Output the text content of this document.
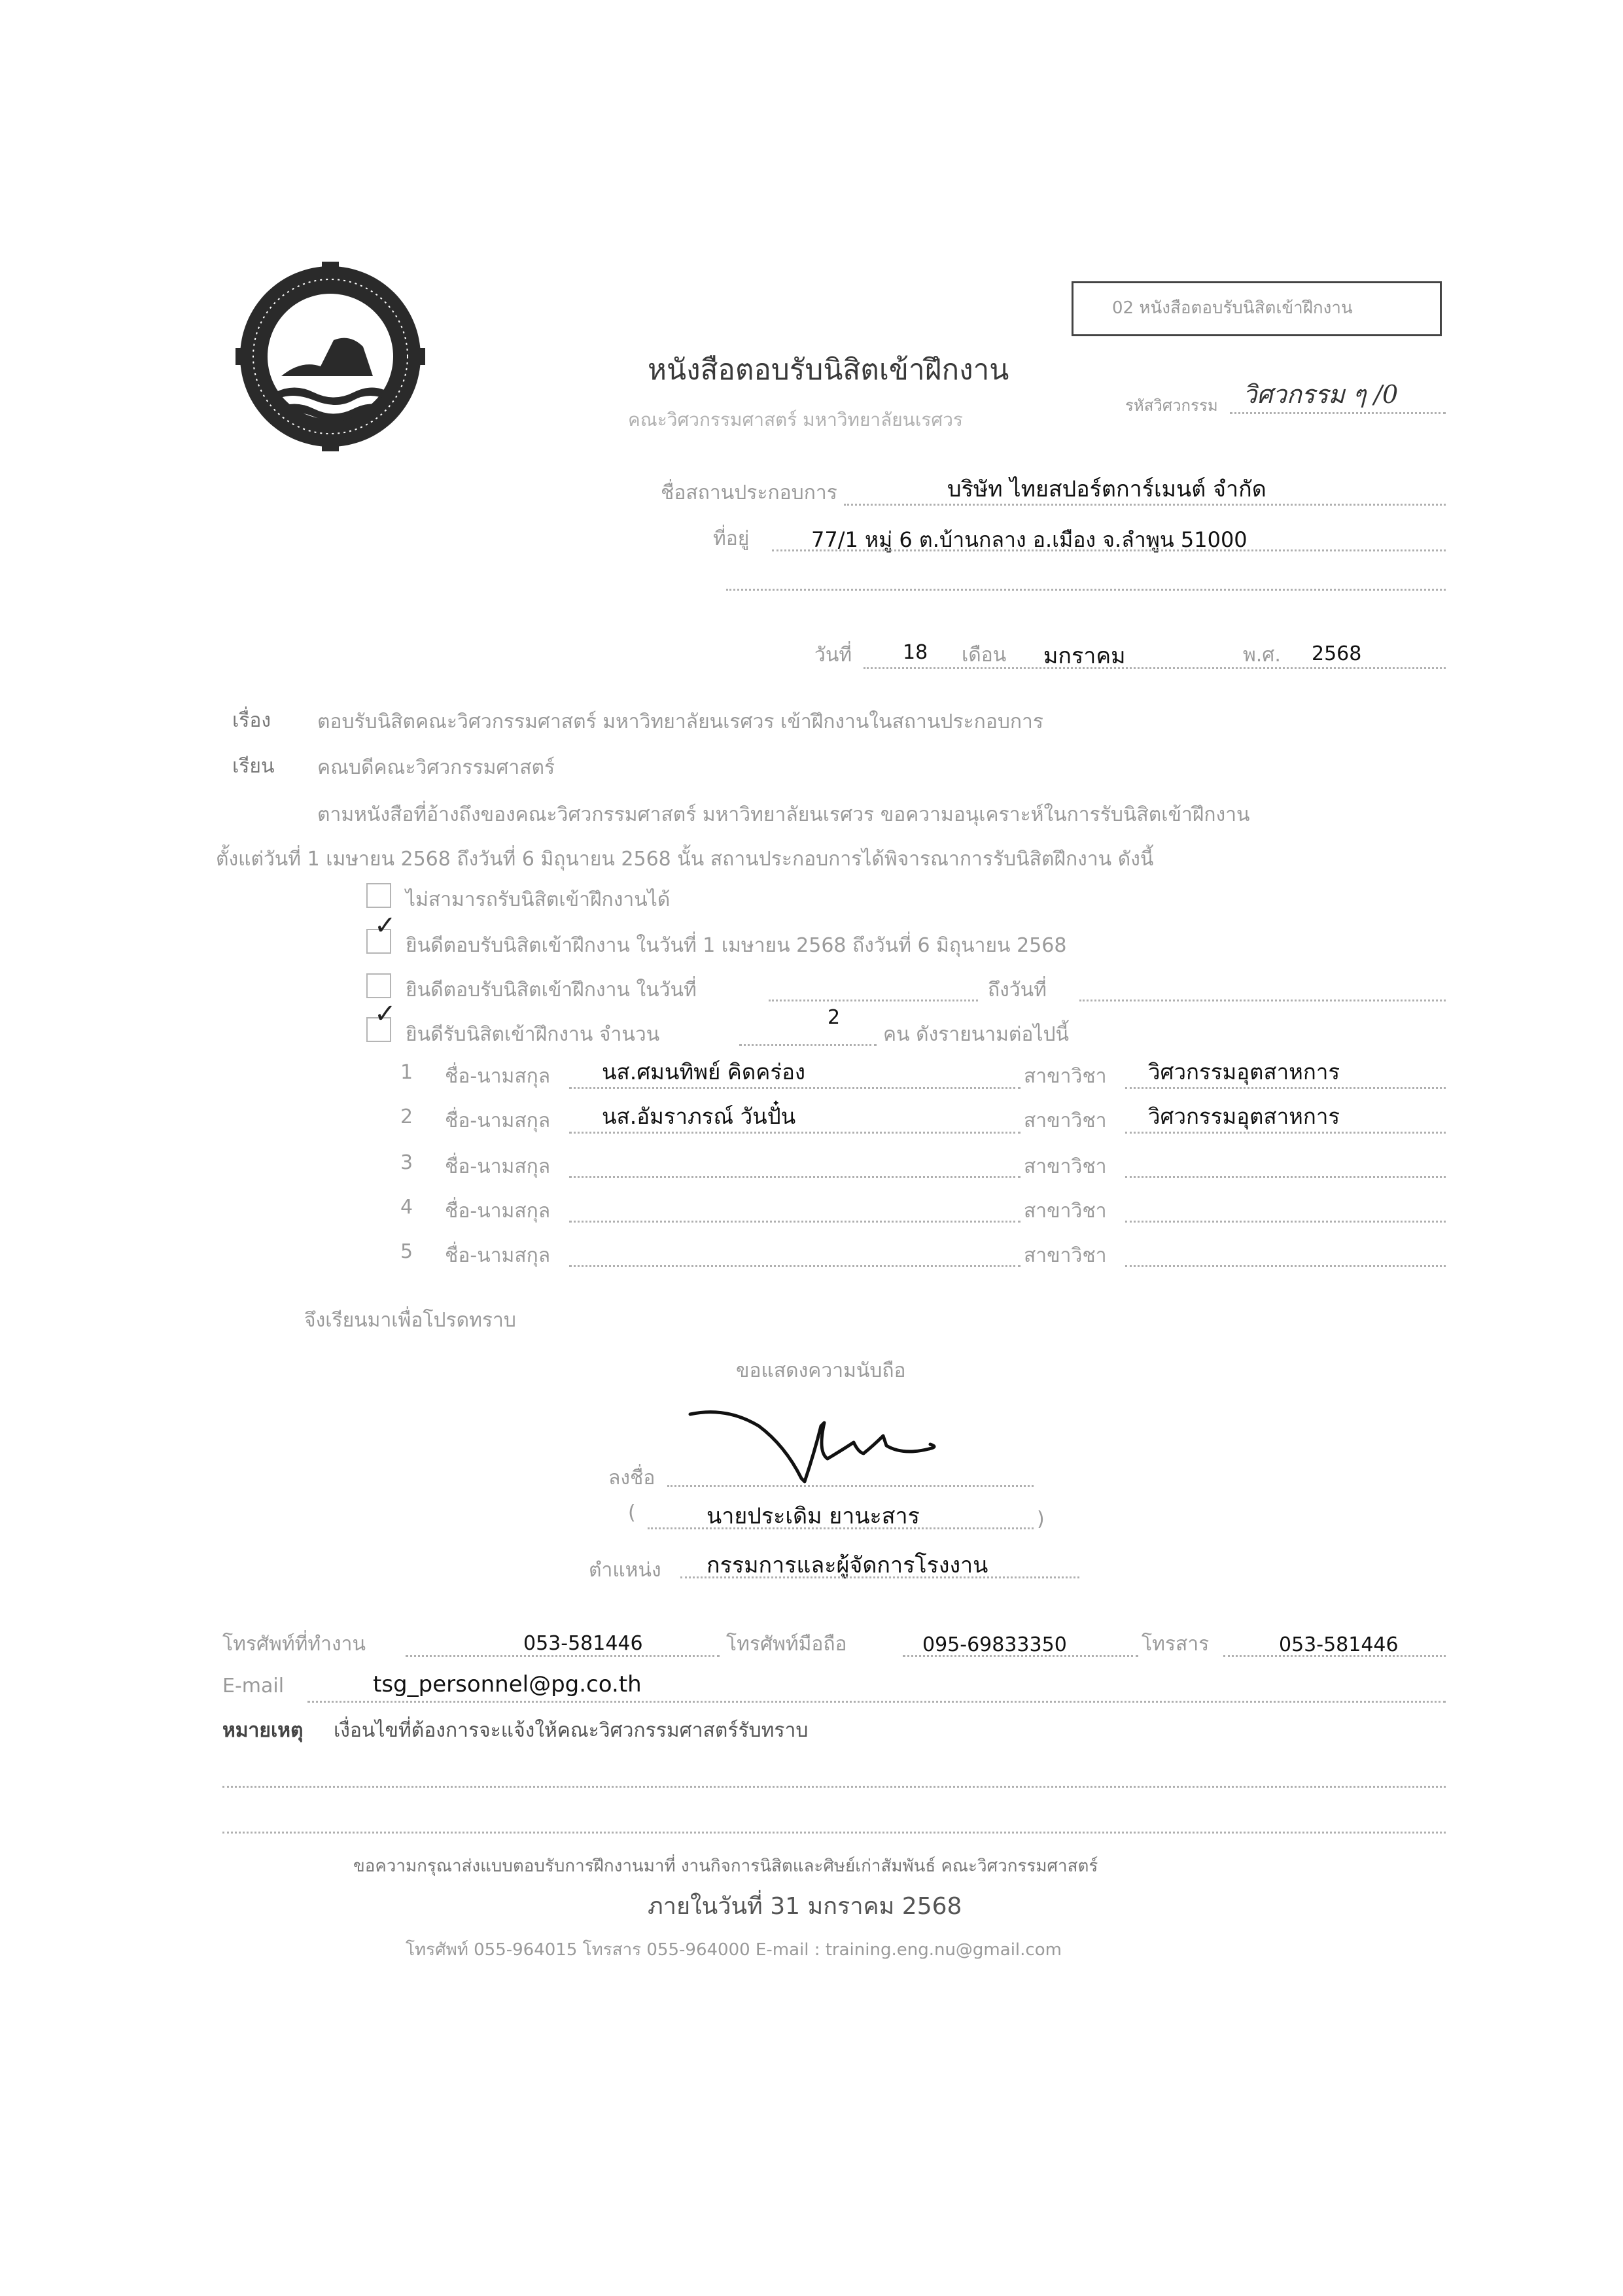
02 หนังสือตอบรับนิสิตเข้าฝึกงาน
หนังสือตอบรับนิสิตเข้าฝึกงาน
คณะวิศวกรรมศาสตร์ มหาวิทยาลัยนเรศวร
รหัสวิศวกรรม วิศวกรรม ๆ /0
ชื่อสถานประกอบการ	บริษัท ไทยสปอร์ตการ์เมนต์ จำกัด
ที่อยู่	77/1 หมู่ 6 ต.บ้านกลาง อ.เมือง จ.ลำพูน 51000
วันที่	18 เดือน มกราคม	พ.ศ. 2568
เรื่อง ตอบรับนิสิตคณะวิศวกรรมศาสตร์ มหาวิทยาลัยนเรศวร เข้าฝึกงานในสถานประกอบการ
เรียน คณบดีคณะวิศวกรรมศาสตร์
ตามหนังสือที่อ้างถึงของคณะวิศวกรรมศาสตร์ มหาวิทยาลัยนเรศวร ขอความอนุเคราะห์ในการรับนิสิตเข้าฝึกงาน
ตั้งแต่วันที่ 1 เมษายน 2568 ถึงวันที่ 6 มิถุนายน 2568 นั้น สถานประกอบการได้พิจารณาการรับนิสิตฝึกงาน ดังนี้
ไม่สามารถรับนิสิตเข้าฝึกงานได้
✓
ยินดีตอบรับนิสิตเข้าฝึกงาน ในวันที่ 1 เมษายน 2568 ถึงวันที่ 6 มิถุนายน 2568
ยินดีตอบรับนิสิตเข้าฝึกงาน ในวันที่	ถึงวันที่
✓
ยินดีรับนิสิตเข้าฝึกงาน จำนวน
2
คน ดังรายนามต่อไปนี้
1 ชื่อ-นามสกุล นส.ศมนทิพย์ คิดคร่อง	สาขาวิชา วิศวกรรมอุตสาหการ
2 ชื่อ-นามสกุล นส.อัมราภรณ์ วันปั๋น	สาขาวิชา วิศวกรรมอุตสาหการ
3 ชื่อ-นามสกุล	สาขาวิชา
4 ชื่อ-นามสกุล	สาขาวิชา
5 ชื่อ-นามสกุล	สาขาวิชา
จึงเรียนมาเพื่อโปรดทราบ
ขอแสดงความนับถือ
ลงชื่อ
(	นายประเดิม ยานะสาร	)
ตำแหน่ง กรรมการและผู้จัดการโรงงาน
โทรศัพท์ที่ทำงาน	053-581446	โทรศัพท์มือถือ	095-69833350	โทรสาร	053-581446
E-mail	tsg_personnel@pg.co.th
หมายเหตุ เงื่อนไขที่ต้องการจะแจ้งให้คณะวิศวกรรมศาสตร์รับทราบ
ขอความกรุณาส่งแบบตอบรับการฝึกงานมาที่ งานกิจการนิสิตและศิษย์เก่าสัมพันธ์ คณะวิศวกรรมศาสตร์
ภายในวันที่ 31 มกราคม 2568
โทรศัพท์ 055-964015 โทรสาร 055-964000 E-mail : training.eng.nu@gmail.com
